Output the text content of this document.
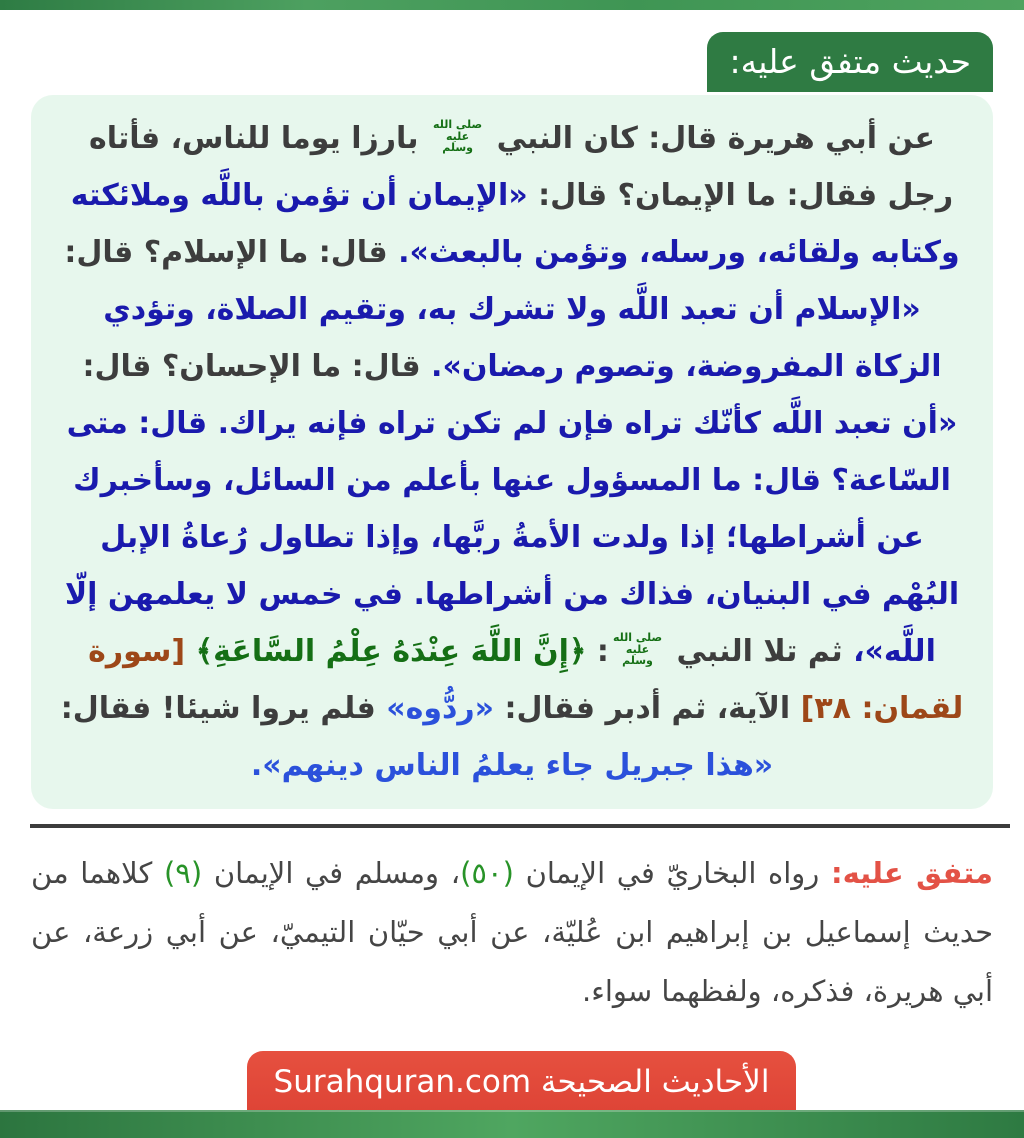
حديث متفق عليه:
عن أبي هريرة قال: كان النبي
صلى الله
عليه
وسلم
بارزا يوما للناس، فأتاه رجل فقال: ما الإيمان؟ قال: «الإيمان أن تؤمن باللَّه وملائكته وكتابه ولقائه، ورسله، وتؤمن بالبعث». قال: ما الإسلام؟ قال: «الإسلام أن تعبد اللَّه ولا تشرك به، وتقيم الصلاة، وتؤدي الزكاة المفروضة، وتصوم رمضان». قال: ما الإحسان؟ قال: «أن تعبد اللَّه كأنّك تراه فإن لم تكن تراه فإنه يراك. قال: متى السّاعة؟ قال: ما المسؤول عنها بأعلم من السائل، وسأخبرك عن أشراطها؛ إذا ولدت الأمةُ ربَّها، وإذا تطاول رُعاةُ الإبل البُهْم في البنيان، فذاك من أشراطها. في خمس لا يعلمهن إلّا اللَّه»، ثم تلا النبي
صلى الله
عليه
وسلم
: ﴿إِنَّ اللَّهَ عِنْدَهُ عِلْمُ السَّاعَةِ﴾ [سورة لقمان: ٣٨] الآية، ثم أدبر فقال: «ردُّوه» فلم يروا شيئا! فقال: «هذا جبريل جاء يعلمُ الناس دينهم».
متفق عليه: رواه البخاريّ في الإيمان (٥٠)، ومسلم في الإيمان (٩) كلاهما من حديث إسماعيل بن إبراهيم ابن عُليّة، عن أبي حيّان التيميّ، عن أبي زرعة، عن أبي هريرة، فذكره، ولفظهما سواء.
الأحاديث الصحيحة Surahquran.com
